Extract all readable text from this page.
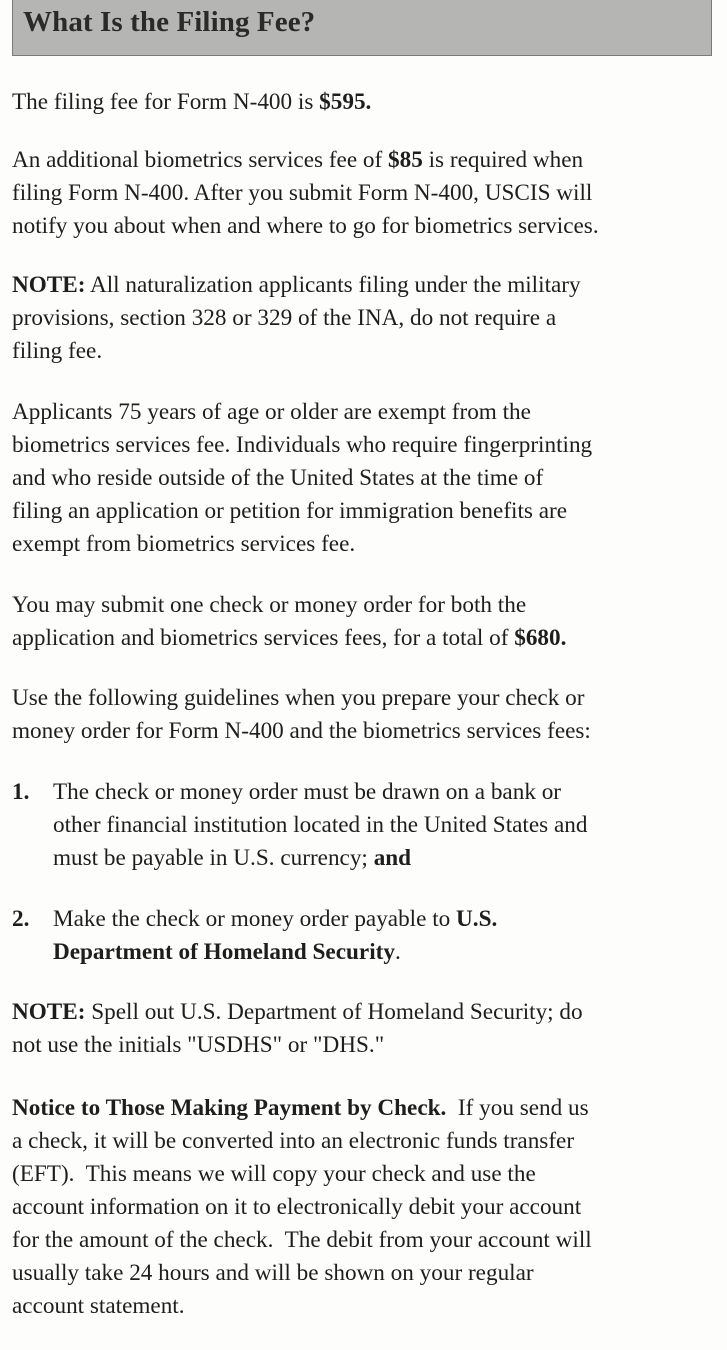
What Is the Filing Fee?

The filing fee for Form N-400 is $595.

An additional biometrics services fee of $85 is required when
filing Form N-400. After you submit Form N-400, USCIS will
notify you about when and where to go for biometrics services.

NOTE: All naturalization applicants filing under the military
provisions, section 328 or 329 of the INA, do not require a
filing fee.

Applicants 75 years of age or older are exempt from the
biometrics services fee. Individuals who require fingerprinting
and who reside outside of the United States at the time of
filing an application or petition for immigration benefits are
exempt from biometrics services fee.

You may submit one check or money order for both the
application and biometrics services fees, for a total of $680.

Use the following guidelines when you prepare your check or
money order for Form N-400 and the biometrics services fees:

1. The check or money order must be drawn on a bank or
other financial institution located in the United States and
must be payable in U.S. currency; and
2. Make the check or money order payable to U.S.
Department of Homeland Security.

NOTE: Spell out U.S. Department of Homeland Security; do
not use the initials "USDHS" or "DHS."

Notice to Those Making Payment by Check.  If you send us
a check, it will be converted into an electronic funds transfer
(EFT).  This means we will copy your check and use the
account information on it to electronically debit your account
for the amount of the check.  The debit from your account will
usually take 24 hours and will be shown on your regular
account statement.
